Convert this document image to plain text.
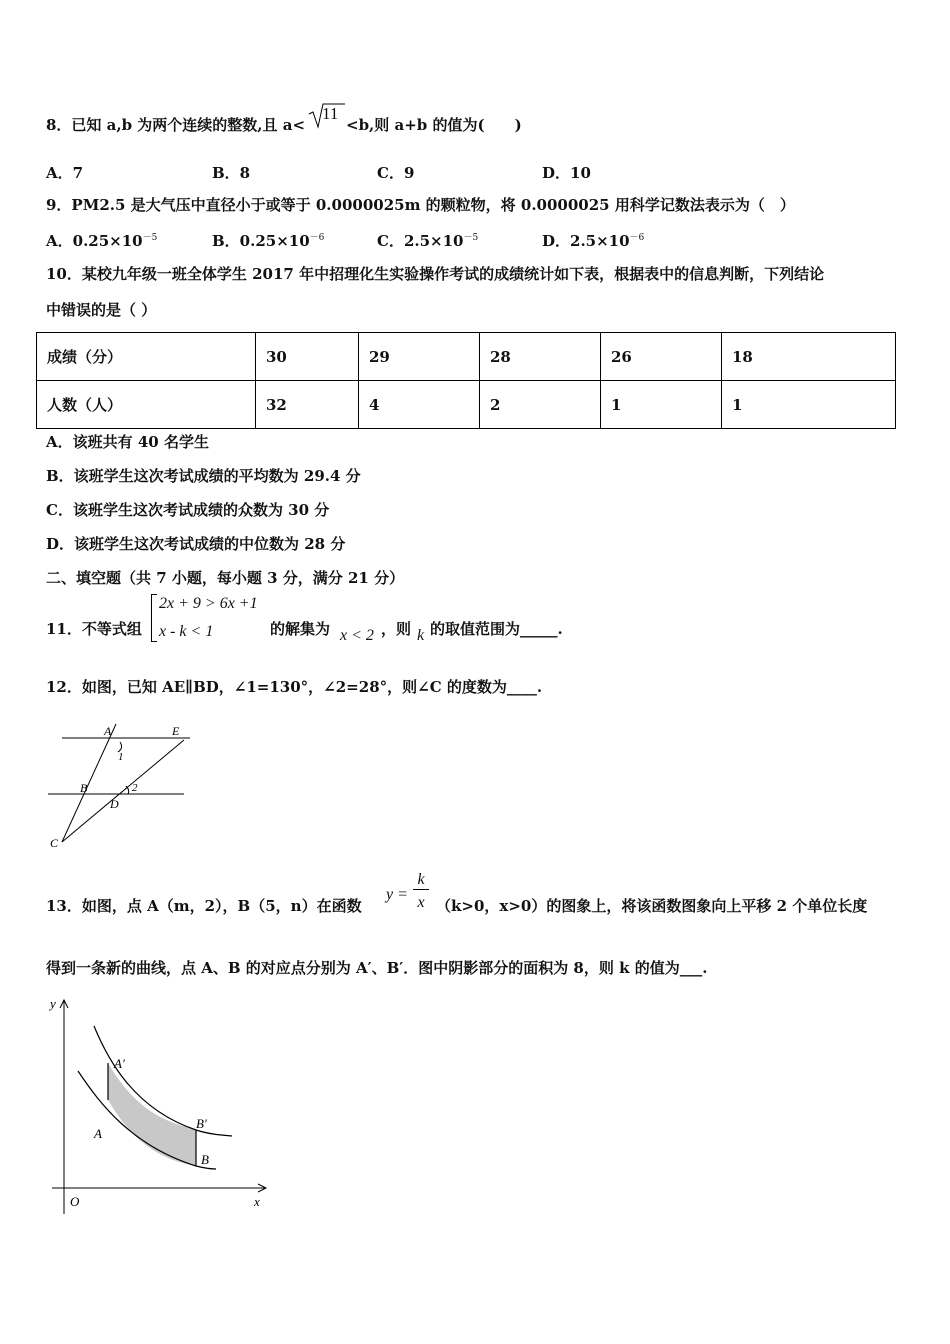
8．已知 a,b 为两个连续的整数,且 a<
11
<b,则 a+b 的值为(　　)
A．7	B．8	C．9	D．10
9．PM2.5 是大气压中直径小于或等于 0.0000025m 的颗粒物，将 0.0000025 用科学记数法表示为（　）
A．$0.25\times 10^{-5}$	B．$0.25\times 10^{-6}$	C．$2.5\times 10^{-5}$	D．$2.5\times 10^{-6}$
10．某校九年级一班全体学生 2017 年中招理化生实验操作考试的成绩统计如下表，根据表中的信息判断，下列结论
中错误的是（ ）
成绩（分）	30	29	28	26	18
人数（人）	32	4	2	1	1
A．该班共有 40 名学生
B．该班学生这次考试成绩的平均数为 29.4 分
C．该班学生这次考试成绩的众数为 30 分
D．该班学生这次考试成绩的中位数为 28 分
二、填空题（共 7 小题，每小题 3 分，满分 21 分）
11．不等式组
2x + 9 > 6x +1
x - k < 1	的解集为 x < 2 ，则 k 的取值范围为_____.
12．如图，已知 AE∥BD，∠1=130°，∠2=28°，则∠C 的度数为____.
A	E
1
B	2
D
C
13．如图，点 A（m，2），B（5，n）在函数
y =
k
x （k>0，x>0）的图象上，将该函数图象向上平移 2 个单位长度
得到一条新的曲线，点 A、B 的对应点分别为 A′、B′．图中阴影部分的面积为 8，则 k 的值为___.
y
x
O
A′
A
B′
B
